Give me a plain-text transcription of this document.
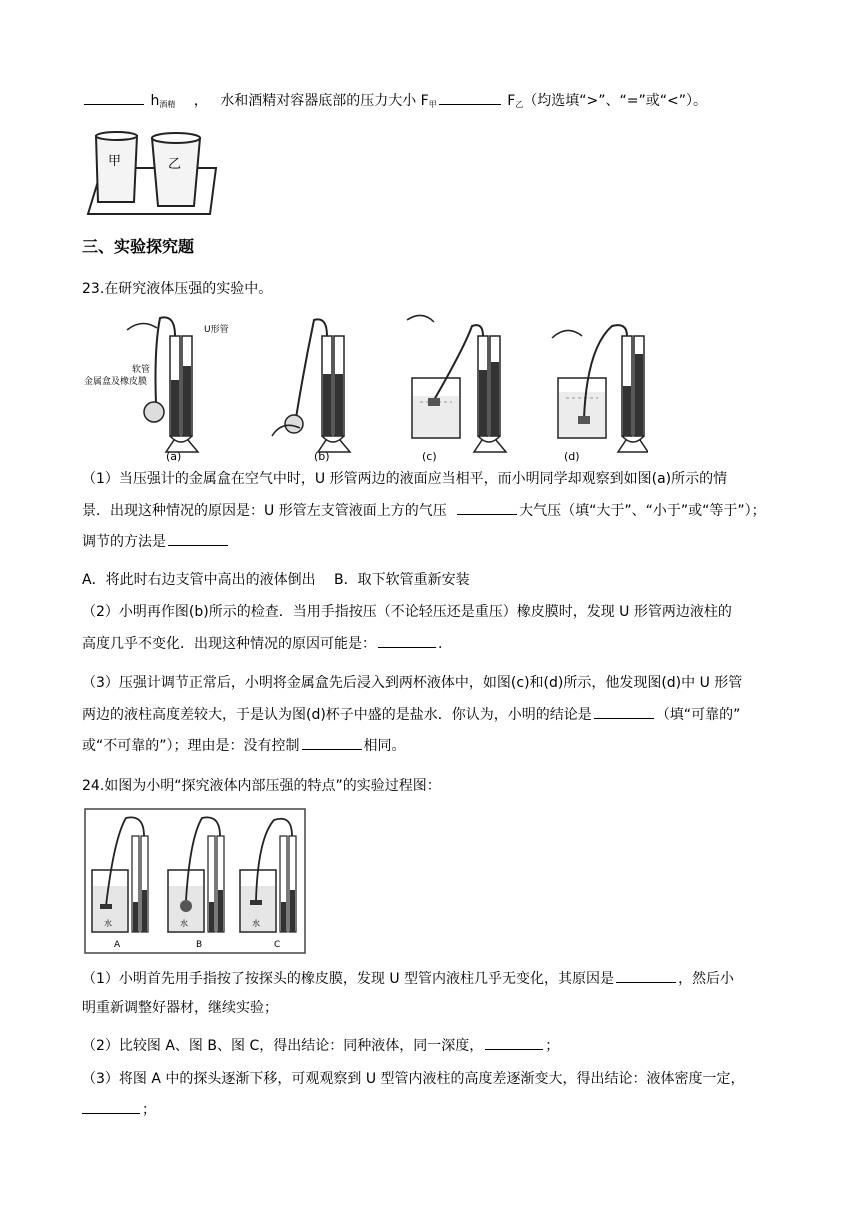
$h_{酒精}$ ， 水和酒精对容器底部的压力大小 $F_甲$	$F_乙$（均选填“>”、“=”或“<”）。
甲	乙
三、实验探究题
23.在研究液体压强的实验中。
U形管
软管
金属盒及橡皮膜
(a)	(b)	(c)	(d)
（1）当压强计的金属盒在空气中时，U 形管两边的液面应当相平，而小明同学却观察到如图(a)所示的情
景．出现这种情况的原因是：U 形管左支管液面上方的气压	大气压（填“大于”、“小于”或“等于”）；
调节的方法是
A．将此时右边支管中高出的液体倒出　 B．取下软管重新安装
（2）小明再作图(b)所示的检查．当用手指按压（不论轻压还是重压）橡皮膜时，发现 U 形管两边液柱的
高度几乎不变化．出现这种情况的原因可能是：	.
（3）压强计调节正常后，小明将金属盒先后浸入到两杯液体中，如图(c)和(d)所示，他发现图(d)中 U 形管
两边的液柱高度差较大，于是认为图(d)杯子中盛的是盐水．你认为，小明的结论是	（填“可靠的”
或“不可靠的”）；理由是：没有控制	相同。
24.如图为小明“探究液体内部压强的特点”的实验过程图：
水
A
水
B
水
C
（1）小明首先用手指按了按探头的橡皮膜，发现 U 型管内液柱几乎无变化，其原因是	，然后小
明重新调整好器材，继续实验；
（2）比较图 A、图 B、图 C，得出结论：同种液体，同一深度，	；
（3）将图 A 中的探头逐渐下移，可观观察到 U 型管内液柱的高度差逐渐变大，得出结论：液体密度一定，
；
